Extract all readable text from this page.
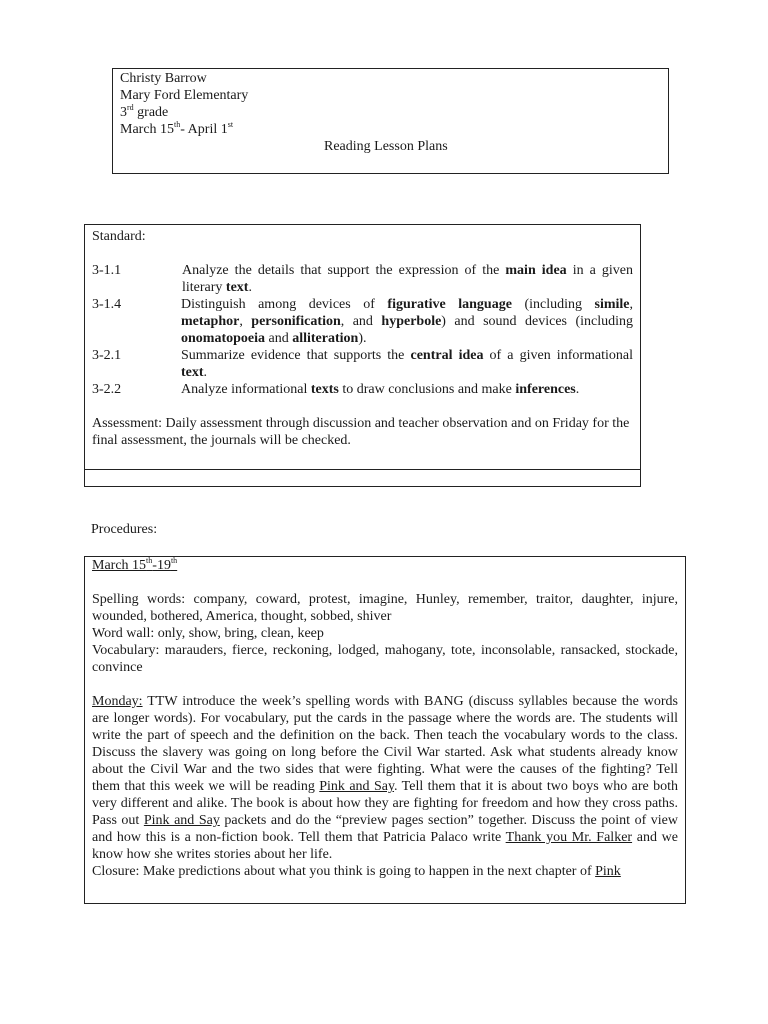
Christy Barrow

Mary Ford Elementary

3rd grade

March 15th- April 1st

Reading Lesson Plans

Standard:

3-1.1	Analyze the details that support the expression of the main idea in a given literary text.
3-1.4	Distinguish among devices of figurative language (including simile, metaphor, personification, and hyperbole) and sound devices (including onomatopoeia and alliteration).
3-2.1	Summarize evidence that supports the central idea of a given informational text.
3-2.2	Analyze informational texts to draw conclusions and make inferences.

Assessment: Daily assessment through discussion and teacher observation and on Friday for the final assessment, the journals will be checked.

Procedures:

March 15th-19th

Spelling words: company, coward, protest, imagine, Hunley, remember, traitor, daughter, injure, wounded, bothered, America, thought, sobbed, shiver

Word wall: only, show, bring, clean, keep

Vocabulary: marauders, fierce, reckoning, lodged, mahogany, tote, inconsolable, ransacked, stockade, convince

Monday: TTW introduce the week’s spelling words with BANG (discuss syllables because the words are longer words). For vocabulary, put the cards in the passage where the words are. The students will write the part of speech and the definition on the back. Then teach the vocabulary words to the class. Discuss the slavery was going on long before the Civil War started. Ask what students already know about the Civil War and the two sides that were fighting. What were the causes of the fighting? Tell them that this week we will be reading Pink and Say. Tell them that it is about two boys who are both very different and alike. The book is about how they are fighting for freedom and how they cross paths. Pass out Pink and Say packets and do the “preview pages section” together. Discuss the point of view and how this is a non-fiction book. Tell them that Patricia Palaco write Thank you Mr. Falker and we know how she writes stories about her life.

Closure: Make predictions about what you think is going to happen in the next chapter of Pink
